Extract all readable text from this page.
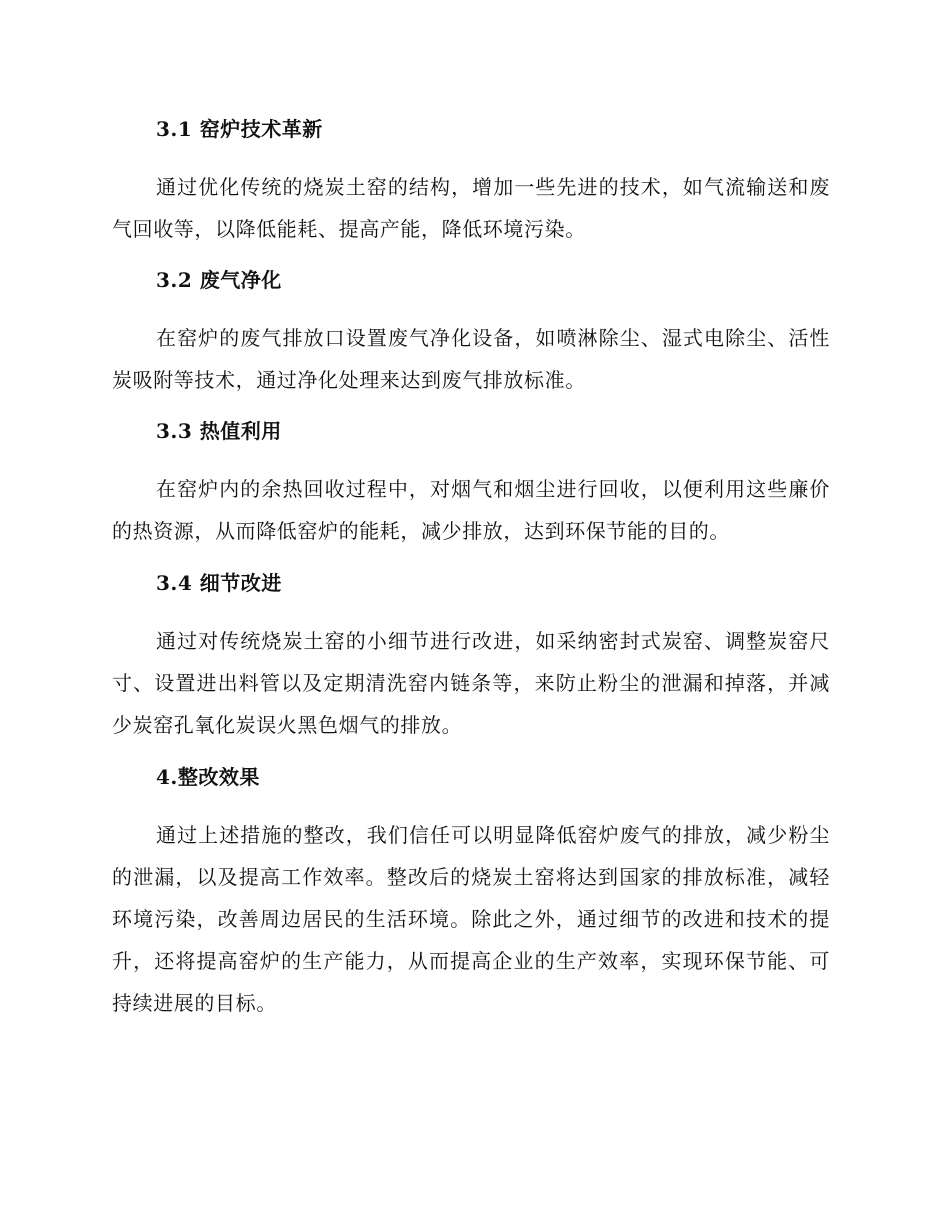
3.1 窑炉技术革新

通过优化传统的烧炭土窑的结构，增加一些先进的技术，如气流输送和废气回收等，以降低能耗、提高产能，降低环境污染。

3.2 废气净化

在窑炉的废气排放口设置废气净化设备，如喷淋除尘、湿式电除尘、活性炭吸附等技术，通过净化处理来达到废气排放标准。

3.3 热值利用

在窑炉内的余热回收过程中，对烟气和烟尘进行回收，以便利用这些廉价的热资源，从而降低窑炉的能耗，减少排放，达到环保节能的目的。

3.4 细节改进

通过对传统烧炭土窑的小细节进行改进，如采纳密封式炭窑、调整炭窑尺寸、设置进出料管以及定期清洗窑内链条等，来防止粉尘的泄漏和掉落，并减少炭窑孔氧化炭误火黑色烟气的排放。

4.整改效果

通过上述措施的整改，我们信任可以明显降低窑炉废气的排放，减少粉尘的泄漏，以及提高工作效率。整改后的烧炭土窑将达到国家的排放标准，减轻环境污染，改善周边居民的生活环境。除此之外，通过细节的改进和技术的提升，还将提高窑炉的生产能力，从而提高企业的生产效率，实现环保节能、可持续进展的目标。
